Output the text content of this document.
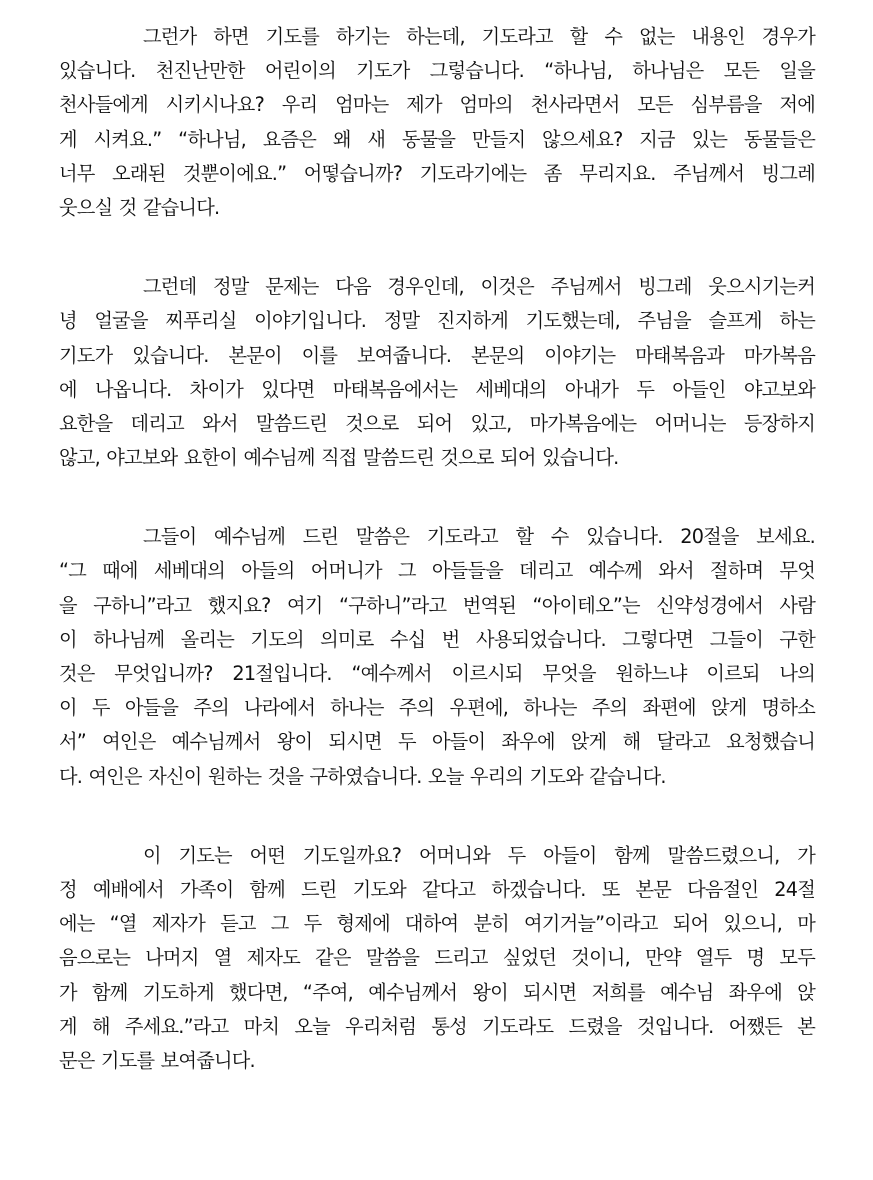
그런가 하면 기도를 하기는 하는데, 기도라고 할 수 없는 내용인 경우가
있습니다. 천진난만한 어린이의 기도가 그렇습니다. “하나님, 하나님은 모든 일을
천사들에게 시키시나요? 우리 엄마는 제가 엄마의 천사라면서 모든 심부름을 저에
게 시켜요.” “하나님, 요즘은 왜 새 동물을 만들지 않으세요? 지금 있는 동물들은
너무 오래된 것뿐이에요.” 어떻습니까? 기도라기에는 좀 무리지요. 주님께서 빙그레
웃으실 것 같습니다.
그런데 정말 문제는 다음 경우인데, 이것은 주님께서 빙그레 웃으시기는커
녕 얼굴을 찌푸리실 이야기입니다. 정말 진지하게 기도했는데, 주님을 슬프게 하는
기도가 있습니다. 본문이 이를 보여줍니다. 본문의 이야기는 마태복음과 마가복음
에 나옵니다. 차이가 있다면 마태복음에서는 세베대의 아내가 두 아들인 야고보와
요한을 데리고 와서 말씀드린 것으로 되어 있고, 마가복음에는 어머니는 등장하지
않고, 야고보와 요한이 예수님께 직접 말씀드린 것으로 되어 있습니다.
그들이 예수님께 드린 말씀은 기도라고 할 수 있습니다. 20절을 보세요.
“그 때에 세베대의 아들의 어머니가 그 아들들을 데리고 예수께 와서 절하며 무엇
을 구하니”라고 했지요? 여기 “구하니”라고 번역된 “아이테오”는 신약성경에서 사람
이 하나님께 올리는 기도의 의미로 수십 번 사용되었습니다. 그렇다면 그들이 구한
것은 무엇입니까? 21절입니다. “예수께서 이르시되 무엇을 원하느냐 이르되 나의
이 두 아들을 주의 나라에서 하나는 주의 우편에, 하나는 주의 좌편에 앉게 명하소
서” 여인은 예수님께서 왕이 되시면 두 아들이 좌우에 앉게 해 달라고 요청했습니
다. 여인은 자신이 원하는 것을 구하였습니다. 오늘 우리의 기도와 같습니다.
이 기도는 어떤 기도일까요? 어머니와 두 아들이 함께 말씀드렸으니, 가
정 예배에서 가족이 함께 드린 기도와 같다고 하겠습니다. 또 본문 다음절인 24절
에는 “열 제자가 듣고 그 두 형제에 대하여 분히 여기거늘”이라고 되어 있으니, 마
음으로는 나머지 열 제자도 같은 말씀을 드리고 싶었던 것이니, 만약 열두 명 모두
가 함께 기도하게 했다면, “주여, 예수님께서 왕이 되시면 저희를 예수님 좌우에 앉
게 해 주세요.”라고 마치 오늘 우리처럼 통성 기도라도 드렸을 것입니다. 어쨌든 본
문은 기도를 보여줍니다.
